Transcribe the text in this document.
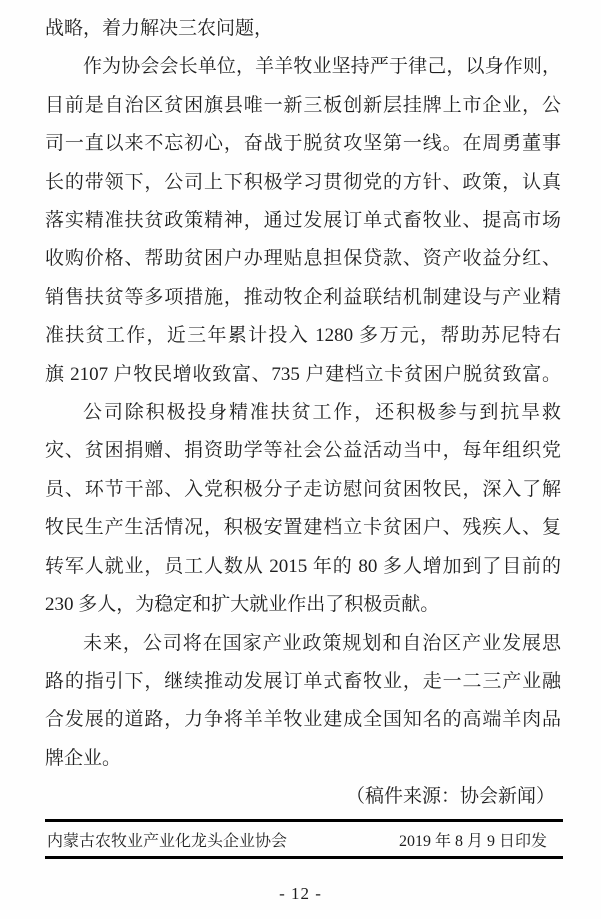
战略，着力解决三农问题，
作为协会会长单位，羊羊牧业坚持严于律己，以身作则，
目前是自治区贫困旗县唯一新三板创新层挂牌上市企业，公
司一直以来不忘初心，奋战于脱贫攻坚第一线。在周勇董事
长的带领下，公司上下积极学习贯彻党的方针、政策，认真
落实精准扶贫政策精神，通过发展订单式畜牧业、提高市场
收购价格、帮助贫困户办理贴息担保贷款、资产收益分红、
销售扶贫等多项措施，推动牧企利益联结机制建设与产业精
准扶贫工作，近三年累计投入 1280 多万元，帮助苏尼特右
旗 2107 户牧民增收致富、735 户建档立卡贫困户脱贫致富。
公司除积极投身精准扶贫工作，还积极参与到抗旱救
灾、贫困捐赠、捐资助学等社会公益活动当中，每年组织党
员、环节干部、入党积极分子走访慰问贫困牧民，深入了解
牧民生产生活情况，积极安置建档立卡贫困户、残疾人、复
转军人就业，员工人数从 2015 年的 80 多人增加到了目前的
230 多人，为稳定和扩大就业作出了积极贡献。
未来，公司将在国家产业政策规划和自治区产业发展思
路的指引下，继续推动发展订单式畜牧业，走一二三产业融
合发展的道路，力争将羊羊牧业建成全国知名的高端羊肉品
牌企业。
（稿件来源：协会新闻）
内蒙古农牧业产业化龙头企业协会	2019 年 8 月 9 日印发
- 12 -
